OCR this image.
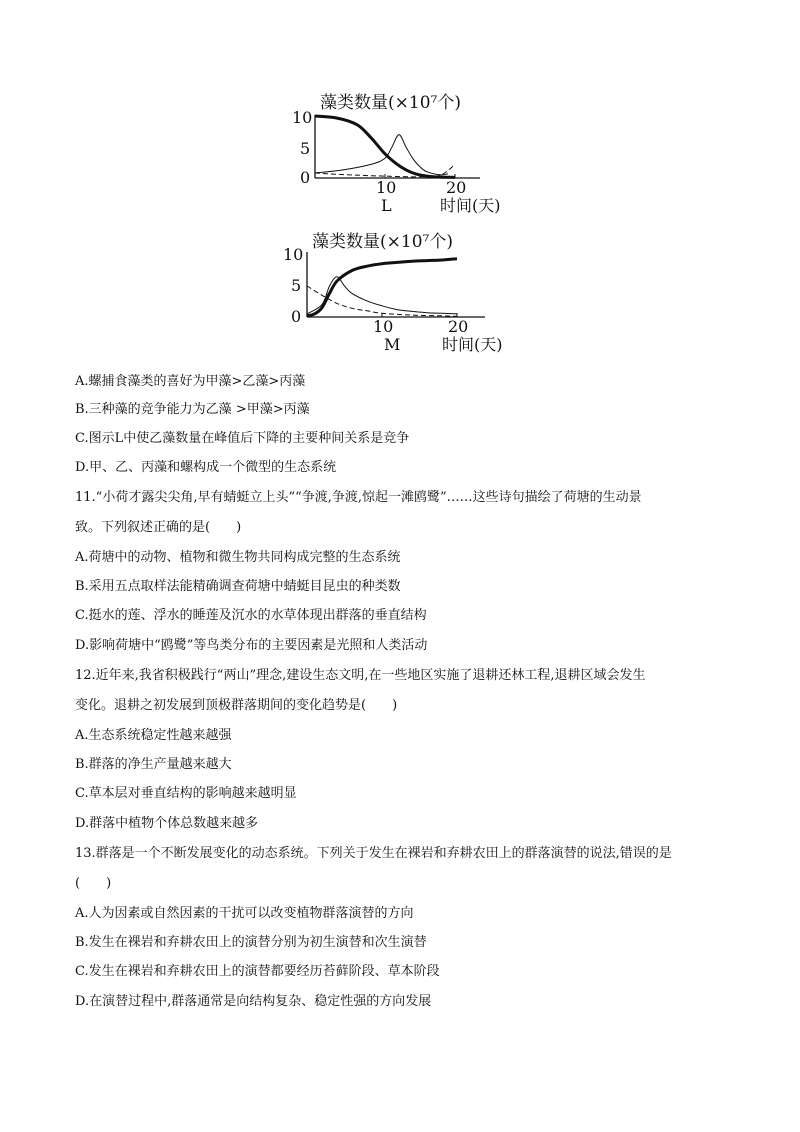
藻类数量(×10⁷个)
10
5
0
10	20
L	时间(天)
藻类数量(×10⁷个)
10
5
0
10	20
M	时间(天)
A.螺捕食藻类的喜好为甲藻>乙藻>丙藻
B.三种藻的竞争能力为乙藻 >甲藻>丙藻
C.图示L中使乙藻数量在峰值后下降的主要种间关系是竞争
D.甲、乙、丙藻和螺构成一个微型的生态系统
11.“小荷才露尖尖角,早有蜻蜓立上头”“争渡,争渡,惊起一滩鸥鹭”……这些诗句描绘了荷塘的生动景
致。下列叙述正确的是(　　)
A.荷塘中的动物、植物和微生物共同构成完整的生态系统
B.采用五点取样法能精确调查荷塘中蜻蜓目昆虫的种类数
C.挺水的莲、浮水的睡莲及沉水的水草体现出群落的垂直结构
D.影响荷塘中“鸥鹭”等鸟类分布的主要因素是光照和人类活动
12.近年来,我省积极践行“两山”理念,建设生态文明,在一些地区实施了退耕还林工程,退耕区域会发生
变化。退耕之初发展到顶极群落期间的变化趋势是(　　)
A.生态系统稳定性越来越强
B.群落的净生产量越来越大
C.草本层对垂直结构的影响越来越明显
D.群落中植物个体总数越来越多
13.群落是一个不断发展变化的动态系统。下列关于发生在裸岩和弃耕农田上的群落演替的说法,错误的是
(　　)
A.人为因素或自然因素的干扰可以改变植物群落演替的方向
B.发生在裸岩和弃耕农田上的演替分别为初生演替和次生演替
C.发生在裸岩和弃耕农田上的演替都要经历苔藓阶段、草本阶段
D.在演替过程中,群落通常是向结构复杂、稳定性强的方向发展
